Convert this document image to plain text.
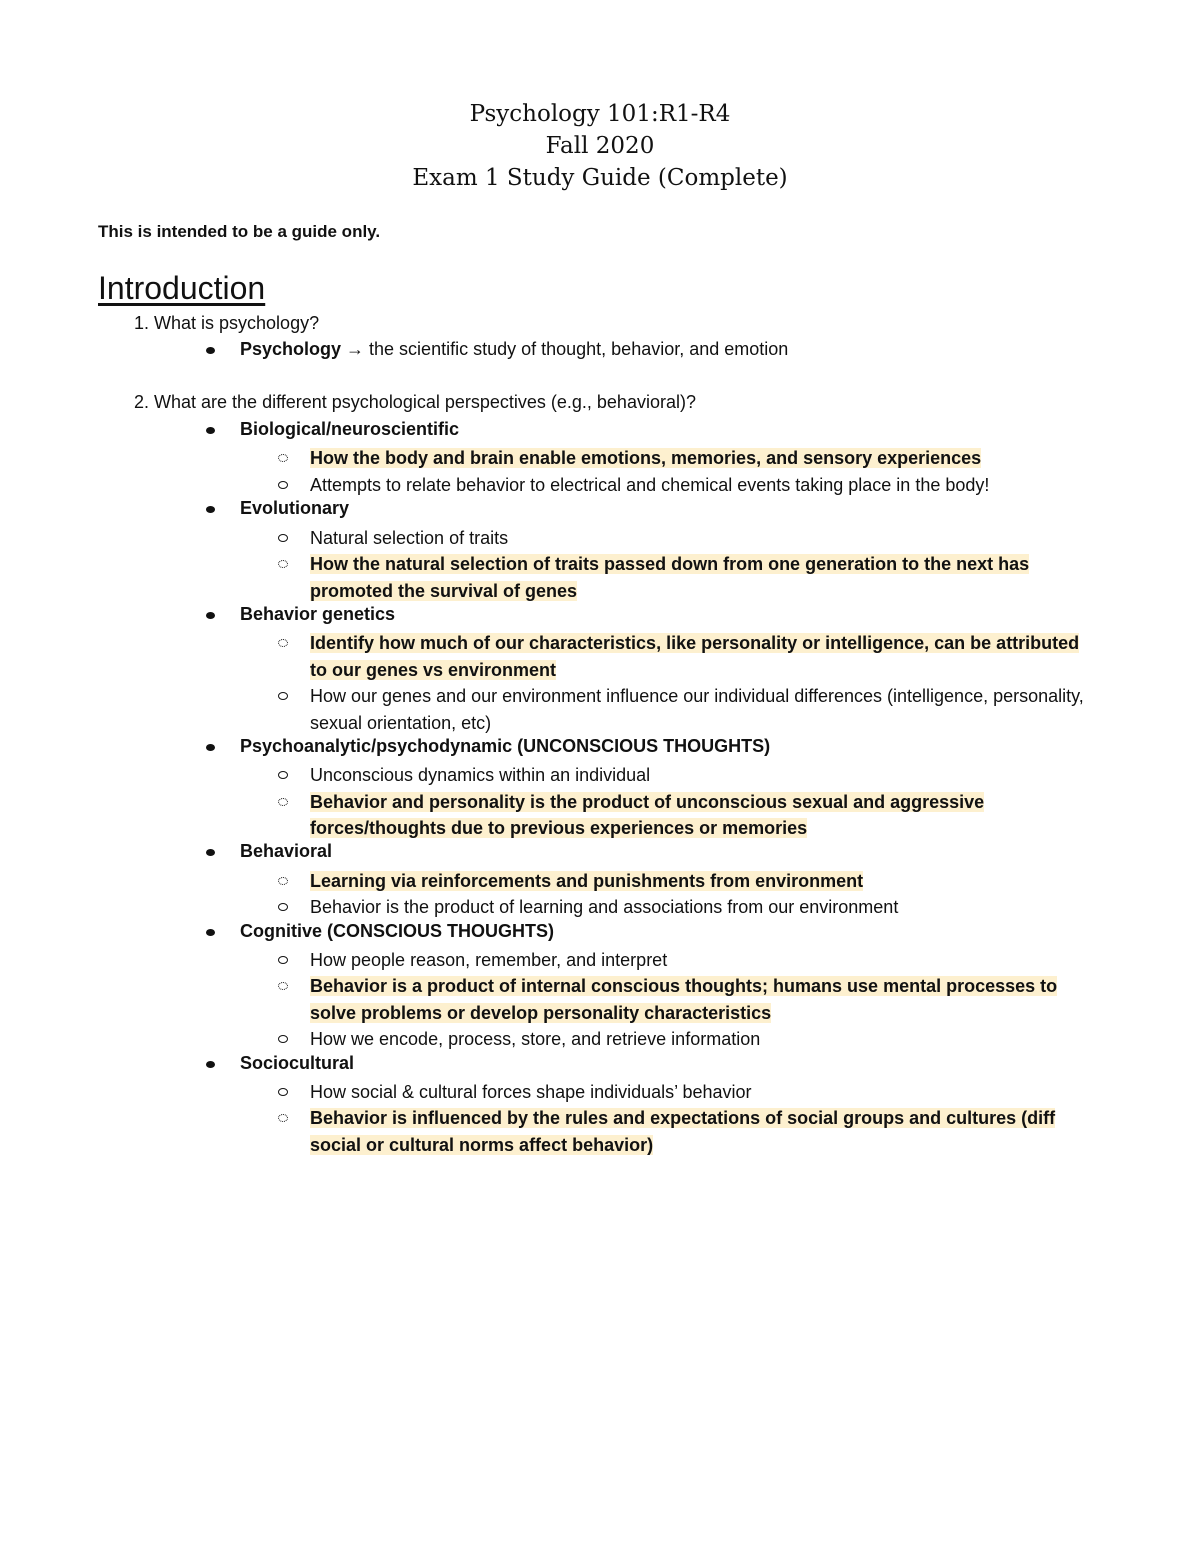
Psychology 101:R1-R4
Fall 2020
Exam 1 Study Guide (Complete)
This is intended to be a guide only.
Introduction
1. What is psychology?
Psychology → the scientific study of thought, behavior, and emotion
2. What are the different psychological perspectives (e.g., behavioral)?
Biological/neuroscientific
How the body and brain enable emotions, memories, and sensory experiences
Attempts to relate behavior to electrical and chemical events taking place in the body!
Evolutionary
Natural selection of traits
How the natural selection of traits passed down from one generation to the next has promoted the survival of genes
Behavior genetics
Identify how much of our characteristics, like personality or intelligence, can be attributed to our genes vs environment
How our genes and our environment influence our individual differences (intelligence, personality, sexual orientation, etc)
Psychoanalytic/psychodynamic (UNCONSCIOUS THOUGHTS)
Unconscious dynamics within an individual
Behavior and personality is the product of unconscious sexual and aggressive forces/thoughts due to previous experiences or memories
Behavioral
Learning via reinforcements and punishments from environment
Behavior is the product of learning and associations from our environment
Cognitive (CONSCIOUS THOUGHTS)
How people reason, remember, and interpret
Behavior is a product of internal conscious thoughts; humans use mental processes to solve problems or develop personality characteristics
How we encode, process, store, and retrieve information
Sociocultural
How social & cultural forces shape individuals’ behavior
Behavior is influenced by the rules and expectations of social groups and cultures (diff social or cultural norms affect behavior)
